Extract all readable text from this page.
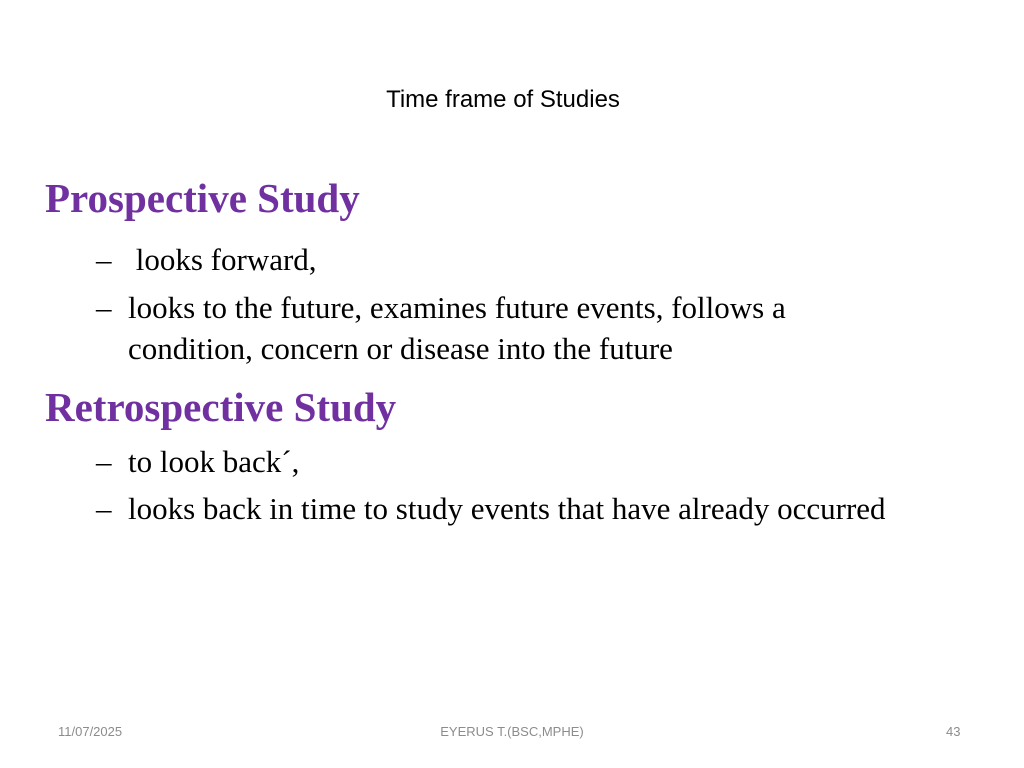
Time frame of Studies
Prospective Study
– looks forward,
– looks to the future, examines future events, follows a condition, concern or disease into the future
Retrospective Study
– to look back´,
– looks back in time to study events that have already occurred
11/07/2025	EYERUS T.(BSC,MPHE)	43
